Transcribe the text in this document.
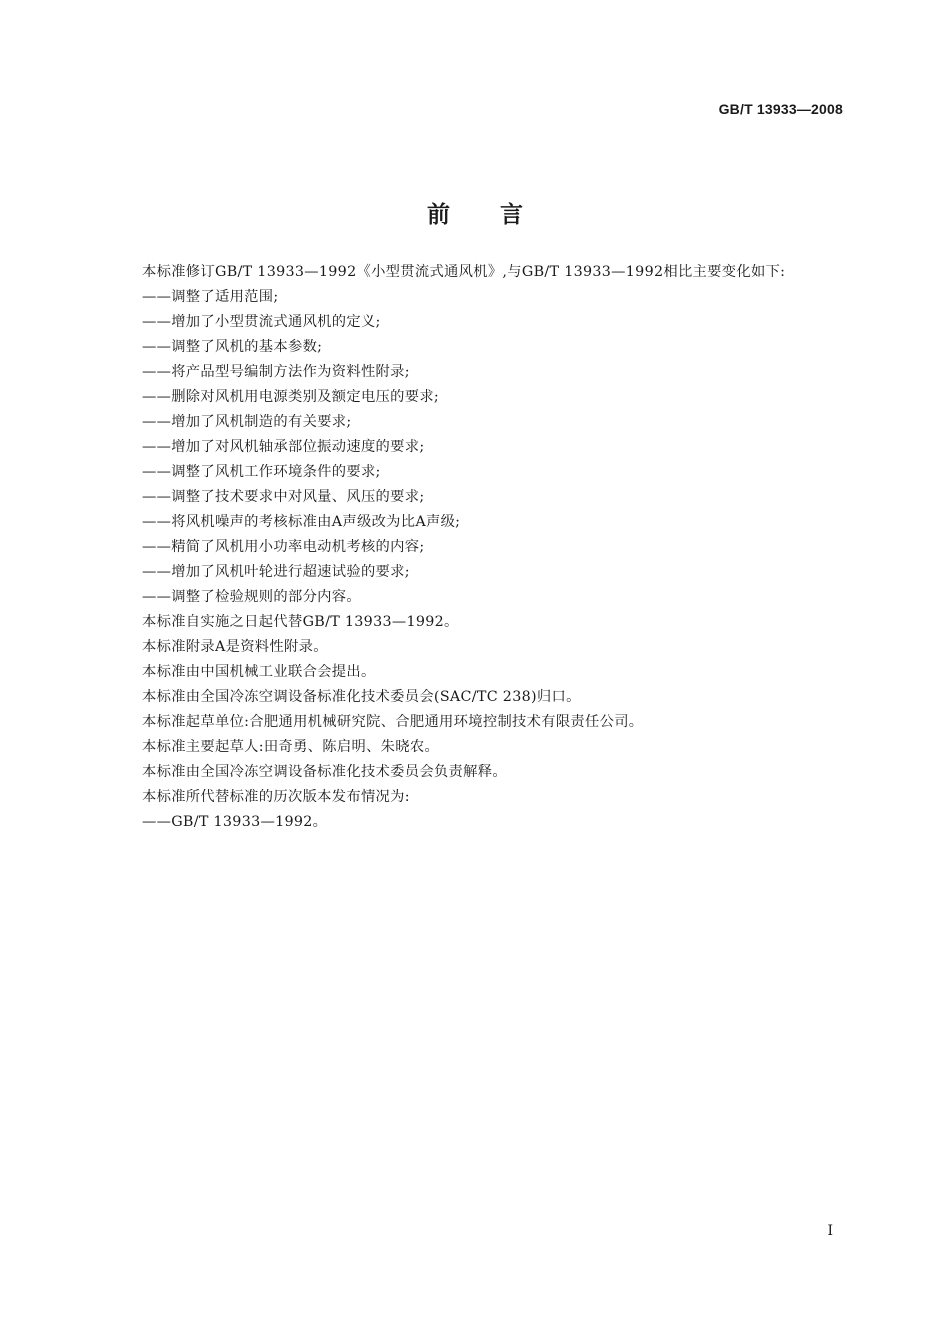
GB/T 13933—2008
前言
本标准修订GB/T 13933—1992《小型贯流式通风机》,与GB/T 13933—1992相比主要变化如下:
——调整了适用范围;
——增加了小型贯流式通风机的定义;
——调整了风机的基本参数;
——将产品型号编制方法作为资料性附录;
——删除对风机用电源类别及额定电压的要求;
——增加了风机制造的有关要求;
——增加了对风机轴承部位振动速度的要求;
——调整了风机工作环境条件的要求;
——调整了技术要求中对风量、风压的要求;
——将风机噪声的考核标准由A声级改为比A声级;
——精简了风机用小功率电动机考核的内容;
——增加了风机叶轮进行超速试验的要求;
——调整了检验规则的部分内容。
本标准自实施之日起代替GB/T 13933—1992。
本标准附录A是资料性附录。
本标准由中国机械工业联合会提出。
本标准由全国冷冻空调设备标准化技术委员会(SAC/TC 238)归口。
本标准起草单位:合肥通用机械研究院、合肥通用环境控制技术有限责任公司。
本标准主要起草人:田奇勇、陈启明、朱晓农。
本标准由全国冷冻空调设备标准化技术委员会负责解释。
本标准所代替标准的历次版本发布情况为:
——GB/T 13933—1992。
I
